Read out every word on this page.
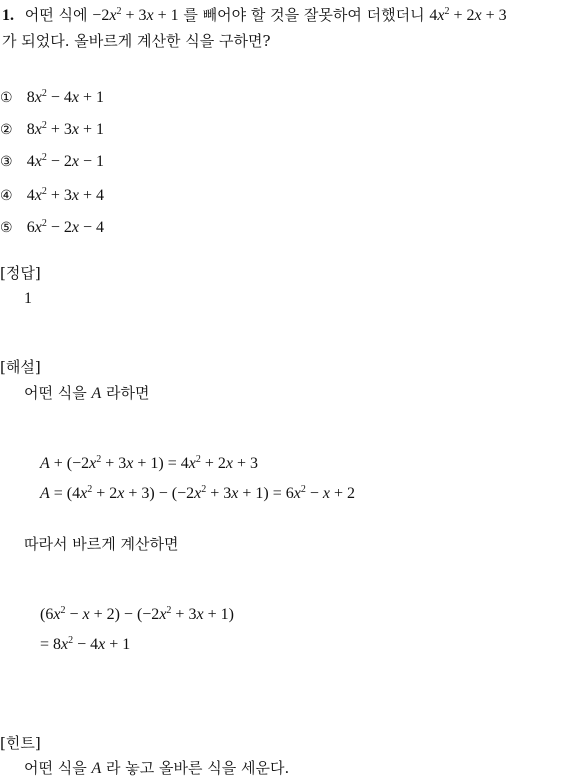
1. 어떤 식에 $-2x^2 + 3x + 1$ 를 빼어야 할 것을 잘못하여 더했더니 $4x^2 + 2x + 3$
가 되었다. 올바르게 계산한 식을 구하면?
① $8x^2 - 4x + 1$
② $8x^2 + 3x + 1$
③ $4x^2 - 2x - 1$
④ $4x^2 + 3x + 4$
⑤ $6x^2 - 2x - 4$
[정답]
1
[해설]
어떤 식을 A 라하면
$A + (-2x^2 + 3x + 1) = 4x^2 + 2x + 3$
$A = (4x^2 + 2x + 3) - (-2x^2 + 3x + 1) = 6x^2 - x + 2$
따라서 바르게 계산하면
$(6x^2 - x + 2) - (-2x^2 + 3x + 1)$
= $8x^2 - 4x + 1$
[힌트]
어떤 식을 A 라 놓고 올바른 식을 세운다.
